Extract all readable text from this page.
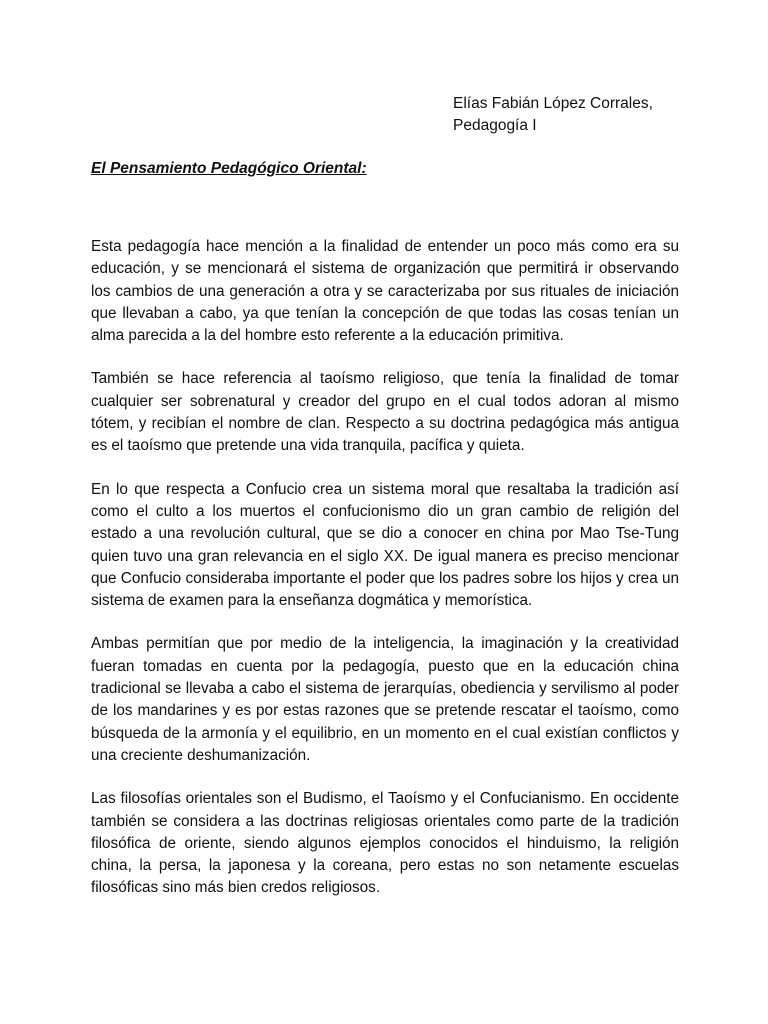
Elías Fabián López Corrales,
Pedagogía I

El Pensamiento Pedagógico Oriental:

Esta pedagogía hace mención a la finalidad de entender un poco más como era su educación, y se mencionará el sistema de organización que permitirá ir observando los cambios de una generación a otra y se caracterizaba por sus rituales de iniciación que llevaban a cabo, ya que tenían la concepción de que todas las cosas tenían un alma parecida a la del hombre esto referente a la educación primitiva.

También se hace referencia al taoísmo religioso, que tenía la finalidad de tomar cualquier ser sobrenatural y creador del grupo en el cual todos adoran al mismo tótem, y recibían el nombre de clan. Respecto a su doctrina pedagógica más antigua es el taoísmo que pretende una vida tranquila, pacífica y quieta.

En lo que respecta a Confucio crea un sistema moral que resaltaba la tradición así como el culto a los muertos el confucionismo dio un gran cambio de religión del estado a una revolución cultural, que se dio a conocer en china por Mao Tse-Tung quien tuvo una gran relevancia en el siglo XX. De igual manera es preciso mencionar que Confucio consideraba importante el poder que los padres sobre los hijos y crea un sistema de examen para la enseñanza dogmática y memorística.

Ambas permitían que por medio de la inteligencia, la imaginación y la creatividad fueran tomadas en cuenta por la pedagogía, puesto que en la educación china tradicional se llevaba a cabo el sistema de jerarquías, obediencia y servilismo al poder de los mandarines y es por estas razones que se pretende rescatar el taoísmo, como búsqueda de la armonía y el equilibrio, en un momento en el cual existían conflictos y una creciente deshumanización.

Las filosofías orientales son el Budismo, el Taoísmo y el Confucianismo. En occidente también se considera a las doctrinas religiosas orientales como parte de la tradición filosófica de oriente, siendo algunos ejemplos conocidos el hinduismo, la religión china, la persa, la japonesa y la coreana, pero estas no son netamente escuelas filosóficas sino más bien credos religiosos.
